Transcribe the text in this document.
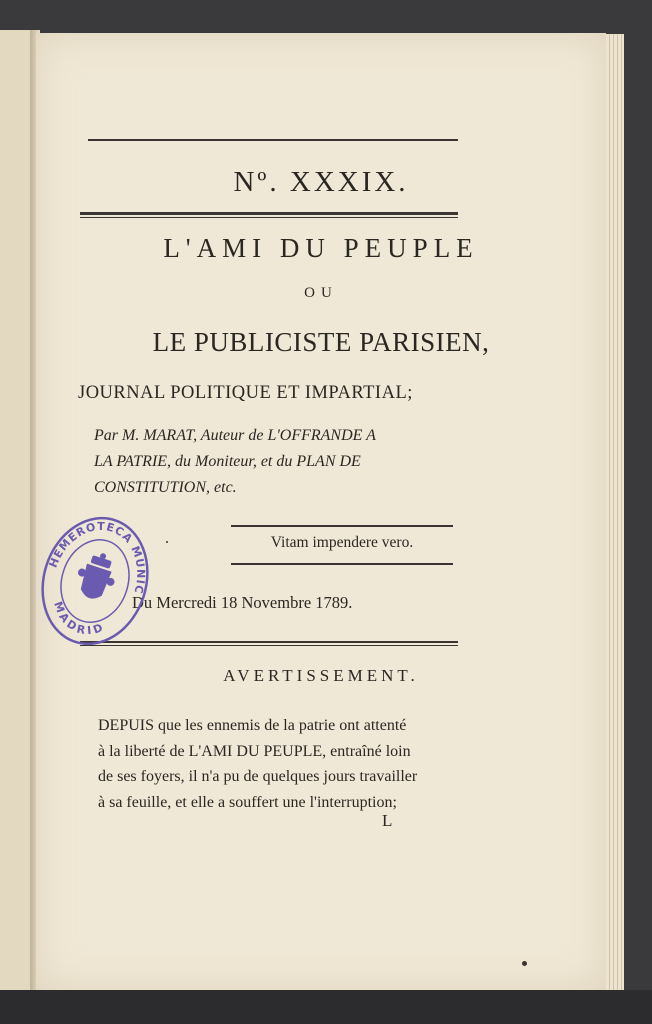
Nº. XXXIX.
L'AMI DU PEUPLE
OU
LE PUBLICISTE PARISIEN,
JOURNAL POLITIQUE ET IMPARTIAL;
Par M. MARAT, Auteur de L'OFFRANDE A
LA PATRIE, du Moniteur, et du PLAN DE
CONSTITUTION, etc.
Vitam impendere vero.
Du Mercredi 18 Novembre 1789.
AVERTISSEMENT.
DEPUIS que les ennemis de la patrie ont attenté
à la liberté de L'AMI DU PEUPLE, entraîné loin
de ses foyers, il n'a pu de quelques jours travailler
à sa feuille, et elle a souffert une l'interruption;
L
HEMEROTECA MUNICIPAL
MADRID
